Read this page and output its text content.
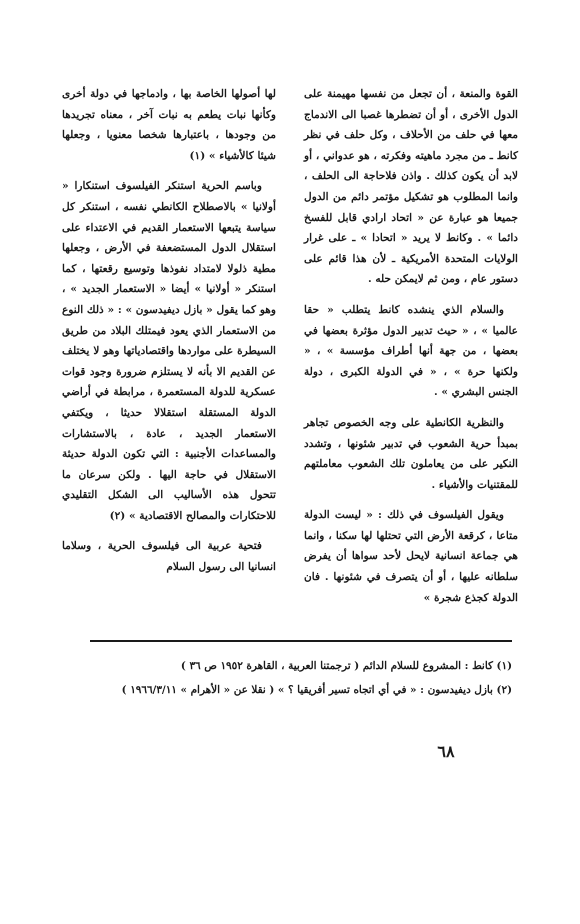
القوة والمنعة ، أن تجعل من نفسها مهيمنة على الدول الأخرى ، أو أن تضطرها غصبا الى الاندماج معها في حلف من الأحلاف ، وكل حلف في نظر كانط ـ من مجرد ماهيته وفكرته ، هو عدواني ، أو لابد أن يكون كذلك . واذن فلاحاجة الى الحلف ، وانما المطلوب هو تشكيل مؤتمر دائم من الدول جميعا هو عبارة عن « اتحاد ارادي قابل للفسخ دائما » . وكانط لا يريد « اتحادا » ـ على غرار الولايات المتحدة الأمريكية ـ لأن هذا قائم على دستور عام ، ومن ثم لايمكن حله .

والسلام الذي ينشده كانط يتطلب « حقا عالميا » ، « حيث تدبير الدول مؤثرة بعضها في بعضها ، من جهة أنها أطراف مؤسسة » ، « ولكنها حرة » ، « في الدولة الكبرى ، دولة الجنس البشري » .

والنظرية الكانطية على وجه الخصوص تجاهر بمبدأ حرية الشعوب في تدبير شئونها ، وتشدد النكير على من يعاملون تلك الشعوب معاملتهم للمقتنيات والأشياء .

ويقول الفيلسوف في ذلك : « ليست الدولة متاعا ، كرقعة الأرض التي تحتلها لها سكنا ، وانما هي جماعة انسانية لايحل لأحد سواها أن يفرض سلطانه عليها ، أو أن يتصرف في شئونها . فان الدولة كجذع شجرة »

لها أصولها الخاصة بها ، وادماجها في دولة أخرى وكأنها نبات يطعم به نبات آخر ، معناه تجريدها من وجودها ، باعتبارها شخصا معنويا ، وجعلها شيئا كالأشياء » (١)

وباسم الحرية استنكر الفيلسوف استنكارا « أولانيا » بالاصطلاح الكانطي نفسه ، استنكر كل سياسة يتبعها الاستعمار القديم في الاعتداء على استقلال الدول المستضعفة في الأرض ، وجعلها مطية ذلولا لامتداد نفوذها وتوسيع رقعتها ، كما استنكر « أولانيا » أيضا « الاستعمار الجديد » ، وهو كما يقول « بازل ديفيدسون » : « ذلك النوع من الاستعمار الذي يعود فيمتلك البلاد من طريق السيطرة على مواردها واقتصادياتها وهو لا يختلف عن القديم الا بأنه لا يستلزم ضرورة وجود قوات عسكرية للدولة المستعمرة ، مرابطة في أراضي الدولة المستقلة استقلالا حديثا ، ويكتفي الاستعمار الجديد ، عادة ، بالاستشارات والمساعدات الأجنبية : التي تكون الدولة حديثة الاستقلال في حاجة اليها . ولكن سرعان ما تتحول هذه الأساليب الى الشكل التقليدي للاحتكارات والمصالح الاقتصادية » (٢)

فتحية عربية الى فيلسوف الحرية ، وسلاما انسانيا الى رسول السلام

(١) كانط : المشروع للسلام الدائم ( ترجمتنا العربية ، القاهرة ١٩٥٢ ص ٣٦ )

(٢) بازل ديفيدسون : « في أي اتجاه تسير أفريقيا ؟ » ( نقلا عن « الأهرام » ١٩٦٦/٣/١١ )

٦٨
